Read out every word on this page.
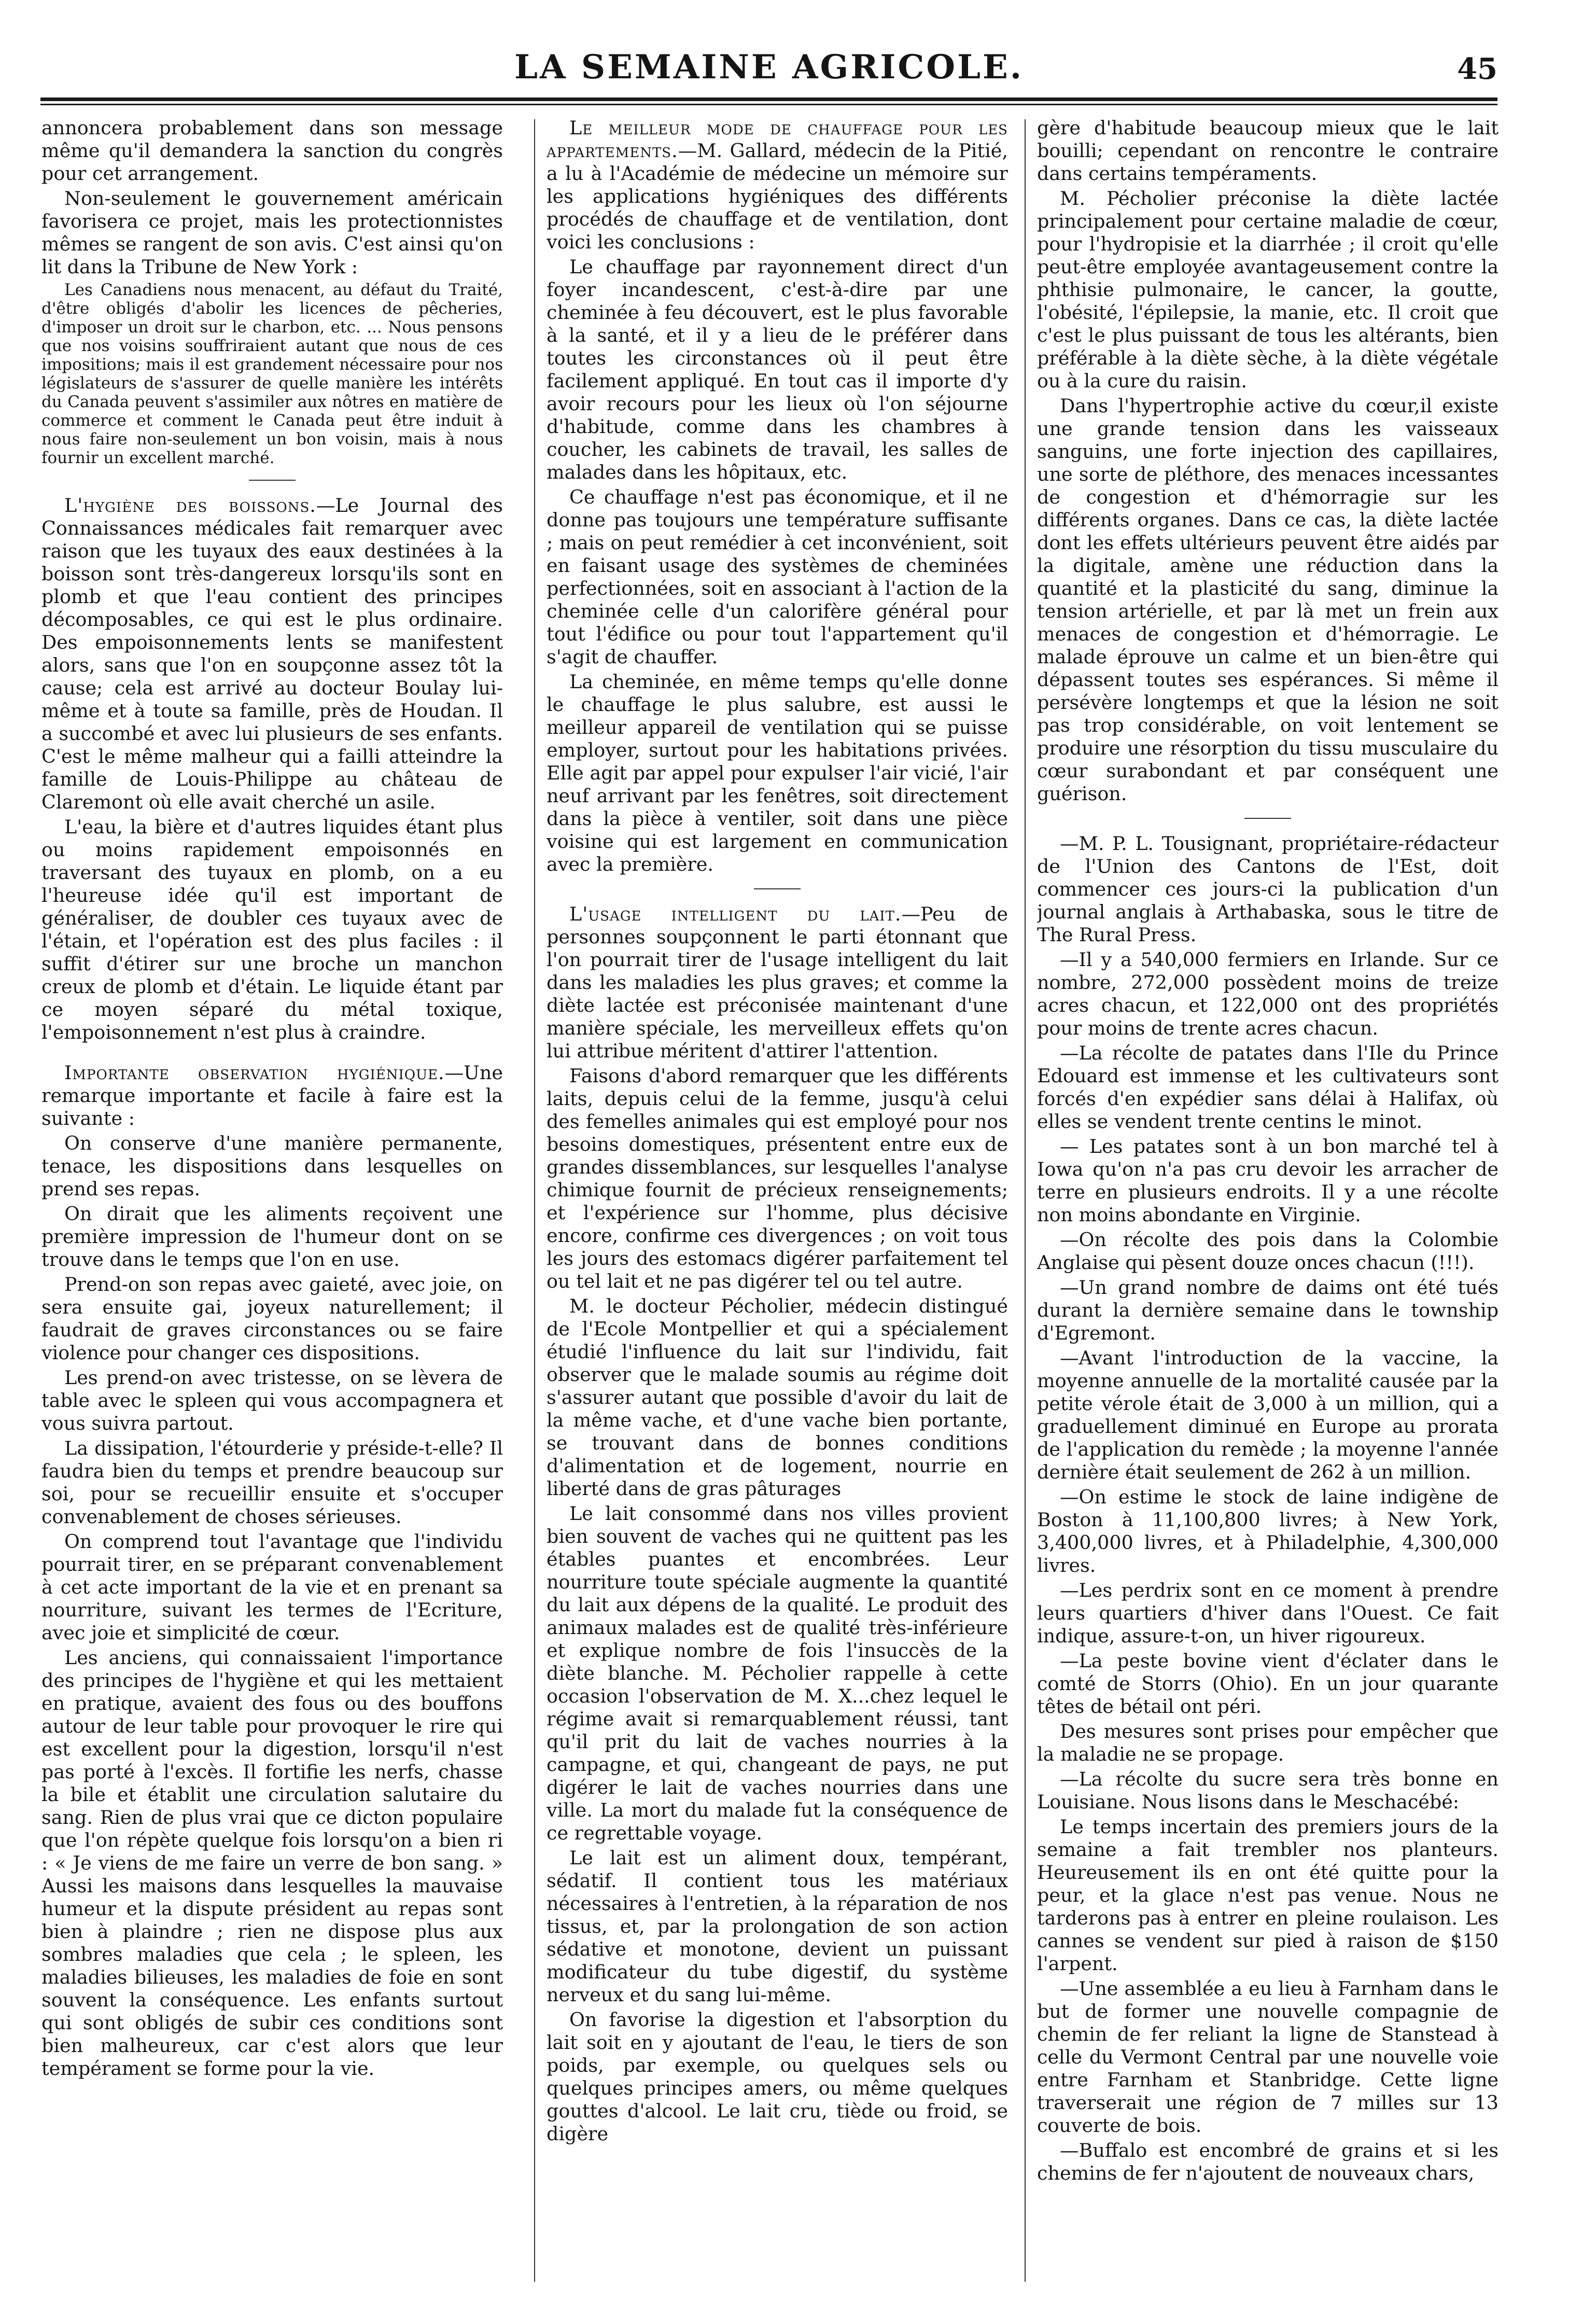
LA SEMAINE AGRICOLE.	45

annoncera probablement dans son message même qu'il demandera la sanction du congrès pour cet arrangement.

Non-seulement le gouvernement américain favorisera ce projet, mais les protectionnistes mêmes se rangent de son avis. C'est ainsi qu'on lit dans la Tribune de New York :

Les Canadiens nous menacent, au défaut du Traité, d'être obligés d'abolir les licences de pêcheries, d'imposer un droit sur le charbon, etc. ... Nous pensons que nos voisins souffriraient autant que nous de ces impositions; mais il est grandement nécessaire pour nos législateurs de s'assurer de quelle manière les intérêts du Canada peuvent s'assimiler aux nôtres en matière de commerce et comment le Canada peut être induit à nous faire non-seulement un bon voisin, mais à nous fournir un excellent marché.

L'hygiène des boissons.—Le Journal des Connaissances médicales fait remarquer avec raison que les tuyaux des eaux destinées à la boisson sont très-dangereux lorsqu'ils sont en plomb et que l'eau contient des principes décomposables, ce qui est le plus ordinaire. Des empoisonnements lents se manifestent alors, sans que l'on en soupçonne assez tôt la cause; cela est arrivé au docteur Boulay lui-même et à toute sa famille, près de Houdan. Il a succombé et avec lui plusieurs de ses enfants. C'est le même malheur qui a failli atteindre la famille de Louis-Philippe au château de Claremont où elle avait cherché un asile.

L'eau, la bière et d'autres liquides étant plus ou moins rapidement empoisonnés en traversant des tuyaux en plomb, on a eu l'heureuse idée qu'il est important de généraliser, de doubler ces tuyaux avec de l'étain, et l'opération est des plus faciles : il suffit d'étirer sur une broche un manchon creux de plomb et d'étain. Le liquide étant par ce moyen séparé du métal toxique, l'empoisonnement n'est plus à craindre.

Importante observation hygiénique.—Une remarque importante et facile à faire est la suivante :

On conserve d'une manière permanente, tenace, les dispositions dans lesquelles on prend ses repas.

On dirait que les aliments reçoivent une première impression de l'humeur dont on se trouve dans le temps que l'on en use.

Prend-on son repas avec gaieté, avec joie, on sera ensuite gai, joyeux naturellement; il faudrait de graves circonstances ou se faire violence pour changer ces dispositions.

Les prend-on avec tristesse, on se lèvera de table avec le spleen qui vous accompagnera et vous suivra partout.

La dissipation, l'étourderie y préside-t-elle? Il faudra bien du temps et prendre beaucoup sur soi, pour se recueillir ensuite et s'occuper convenablement de choses sérieuses.

On comprend tout l'avantage que l'individu pourrait tirer, en se préparant convenablement à cet acte important de la vie et en prenant sa nourriture, suivant les termes de l'Ecriture, avec joie et simplicité de cœur.

Les anciens, qui connaissaient l'importance des principes de l'hygiène et qui les mettaient en pratique, avaient des fous ou des bouffons autour de leur table pour provoquer le rire qui est excellent pour la digestion, lorsqu'il n'est pas porté à l'excès. Il fortifie les nerfs, chasse la bile et établit une circulation salutaire du sang. Rien de plus vrai que ce dicton populaire que l'on répète quelque fois lorsqu'on a bien ri : « Je viens de me faire un verre de bon sang. » Aussi les maisons dans lesquelles la mauvaise humeur et la dispute président au repas sont bien à plaindre ; rien ne dispose plus aux sombres maladies que cela ; le spleen, les maladies bilieuses, les maladies de foie en sont souvent la conséquence. Les enfants surtout qui sont obligés de subir ces conditions sont bien malheureux, car c'est alors que leur tempérament se forme pour la vie.

Le meilleur mode de chauffage pour les appartements.—M. Gallard, médecin de la Pitié, a lu à l'Académie de médecine un mémoire sur les applications hygiéniques des différents procédés de chauffage et de ventilation, dont voici les conclusions :

Le chauffage par rayonnement direct d'un foyer incandescent, c'est-à-dire par une cheminée à feu découvert, est le plus favorable à la santé, et il y a lieu de le préférer dans toutes les circonstances où il peut être facilement appliqué. En tout cas il importe d'y avoir recours pour les lieux où l'on séjourne d'habitude, comme dans les chambres à coucher, les cabinets de travail, les salles de malades dans les hôpitaux, etc.

Ce chauffage n'est pas économique, et il ne donne pas toujours une température suffisante ; mais on peut remédier à cet inconvénient, soit en faisant usage des systèmes de cheminées perfectionnées, soit en associant à l'action de la cheminée celle d'un calorifère général pour tout l'édifice ou pour tout l'appartement qu'il s'agit de chauffer.

La cheminée, en même temps qu'elle donne le chauffage le plus salubre, est aussi le meilleur appareil de ventilation qui se puisse employer, surtout pour les habitations privées. Elle agit par appel pour expulser l'air vicié, l'air neuf arrivant par les fenêtres, soit directement dans la pièce à ventiler, soit dans une pièce voisine qui est largement en communication avec la première.

L'usage intelligent du lait.—Peu de personnes soupçonnent le parti étonnant que l'on pourrait tirer de l'usage intelligent du lait dans les maladies les plus graves; et comme la diète lactée est préconisée maintenant d'une manière spéciale, les merveilleux effets qu'on lui attribue méritent d'attirer l'attention.

Faisons d'abord remarquer que les différents laits, depuis celui de la femme, jusqu'à celui des femelles animales qui est employé pour nos besoins domestiques, présentent entre eux de grandes dissemblances, sur lesquelles l'analyse chimique fournit de précieux renseignements; et l'expérience sur l'homme, plus décisive encore, confirme ces divergences ; on voit tous les jours des estomacs digérer parfaitement tel ou tel lait et ne pas digérer tel ou tel autre.

M. le docteur Pécholier, médecin distingué de l'Ecole Montpellier et qui a spécialement étudié l'influence du lait sur l'individu, fait observer que le malade soumis au régime doit s'assurer autant que possible d'avoir du lait de la même vache, et d'une vache bien portante, se trouvant dans de bonnes conditions d'alimentation et de logement, nourrie en liberté dans de gras pâturages

Le lait consommé dans nos villes provient bien souvent de vaches qui ne quittent pas les étables puantes et encombrées. Leur nourriture toute spéciale augmente la quantité du lait aux dépens de la qualité. Le produit des animaux malades est de qualité très-inférieure et explique nombre de fois l'insuccès de la diète blanche. M. Pécholier rappelle à cette occasion l'observation de M. X...chez lequel le régime avait si remarquablement réussi, tant qu'il prit du lait de vaches nourries à la campagne, et qui, changeant de pays, ne put digérer le lait de vaches nourries dans une ville. La mort du malade fut la conséquence de ce regrettable voyage.

Le lait est un aliment doux, tempérant, sédatif. Il contient tous les matériaux nécessaires à l'entretien, à la réparation de nos tissus, et, par la prolongation de son action sédative et monotone, devient un puissant modificateur du tube digestif, du système nerveux et du sang lui-même.

On favorise la digestion et l'absorption du lait soit en y ajoutant de l'eau, le tiers de son poids, par exemple, ou quelques sels ou quelques principes amers, ou même quelques gouttes d'alcool. Le lait cru, tiède ou froid, se digère

gère d'habitude beaucoup mieux que le lait bouilli; cependant on rencontre le contraire dans certains tempéraments.

M. Pécholier préconise la diète lactée principalement pour certaine maladie de cœur, pour l'hydropisie et la diarrhée ; il croit qu'elle peut-être employée avantageusement contre la phthisie pulmonaire, le cancer, la goutte, l'obésité, l'épilepsie, la manie, etc. Il croit que c'est le plus puissant de tous les altérants, bien préférable à la diète sèche, à la diète végétale ou à la cure du raisin.

Dans l'hypertrophie active du cœur,il existe une grande tension dans les vaisseaux sanguins, une forte injection des capillaires, une sorte de pléthore, des menaces incessantes de congestion et d'hémorragie sur les différents organes. Dans ce cas, la diète lactée dont les effets ultérieurs peuvent être aidés par la digitale, amène une réduction dans la quantité et la plasticité du sang, diminue la tension artérielle, et par là met un frein aux menaces de congestion et d'hémorragie. Le malade éprouve un calme et un bien-être qui dépassent toutes ses espérances. Si même il persévère longtemps et que la lésion ne soit pas trop considérable, on voit lentement se produire une résorption du tissu musculaire du cœur surabondant et par conséquent une guérison.

—M. P. L. Tousignant, propriétaire-rédacteur de l'Union des Cantons de l'Est, doit commencer ces jours-ci la publication d'un journal anglais à Arthabaska, sous le titre de The Rural Press.

—Il y a 540,000 fermiers en Irlande. Sur ce nombre, 272,000 possèdent moins de treize acres chacun, et 122,000 ont des propriétés pour moins de trente acres chacun.

—La récolte de patates dans l'Ile du Prince Edouard est immense et les cultivateurs sont forcés d'en expédier sans délai à Halifax, où elles se vendent trente centins le minot.

— Les patates sont à un bon marché tel à Iowa qu'on n'a pas cru devoir les arracher de terre en plusieurs endroits. Il y a une récolte non moins abondante en Virginie.

—On récolte des pois dans la Colombie Anglaise qui pèsent douze onces chacun (!!!).

—Un grand nombre de daims ont été tués durant la dernière semaine dans le township d'Egremont.

—Avant l'introduction de la vaccine, la moyenne annuelle de la mortalité causée par la petite vérole était de 3,000 à un million, qui a graduellement diminué en Europe au prorata de l'application du remède ; la moyenne l'année dernière était seulement de 262 à un million.

—On estime le stock de laine indigène de Boston à 11,100,800 livres; à New York, 3,400,000 livres, et à Philadelphie, 4,300,000 livres.

—Les perdrix sont en ce moment à prendre leurs quartiers d'hiver dans l'Ouest. Ce fait indique, assure-t-on, un hiver rigoureux.

—La peste bovine vient d'éclater dans le comté de Storrs (Ohio). En un jour quarante têtes de bétail ont péri.

Des mesures sont prises pour empêcher que la maladie ne se propage.

—La récolte du sucre sera très bonne en Louisiane. Nous lisons dans le Meschacébé:

Le temps incertain des premiers jours de la semaine a fait trembler nos planteurs. Heureusement ils en ont été quitte pour la peur, et la glace n'est pas venue. Nous ne tarderons pas à entrer en pleine roulaison. Les cannes se vendent sur pied à raison de $150 l'arpent.

—Une assemblée a eu lieu à Farnham dans le but de former une nouvelle compagnie de chemin de fer reliant la ligne de Stanstead à celle du Vermont Central par une nouvelle voie entre Farnham et Stanbridge. Cette ligne traverserait une région de 7 milles sur 13 couverte de bois.

—Buffalo est encombré de grains et si les chemins de fer n'ajoutent de nouveaux chars,
